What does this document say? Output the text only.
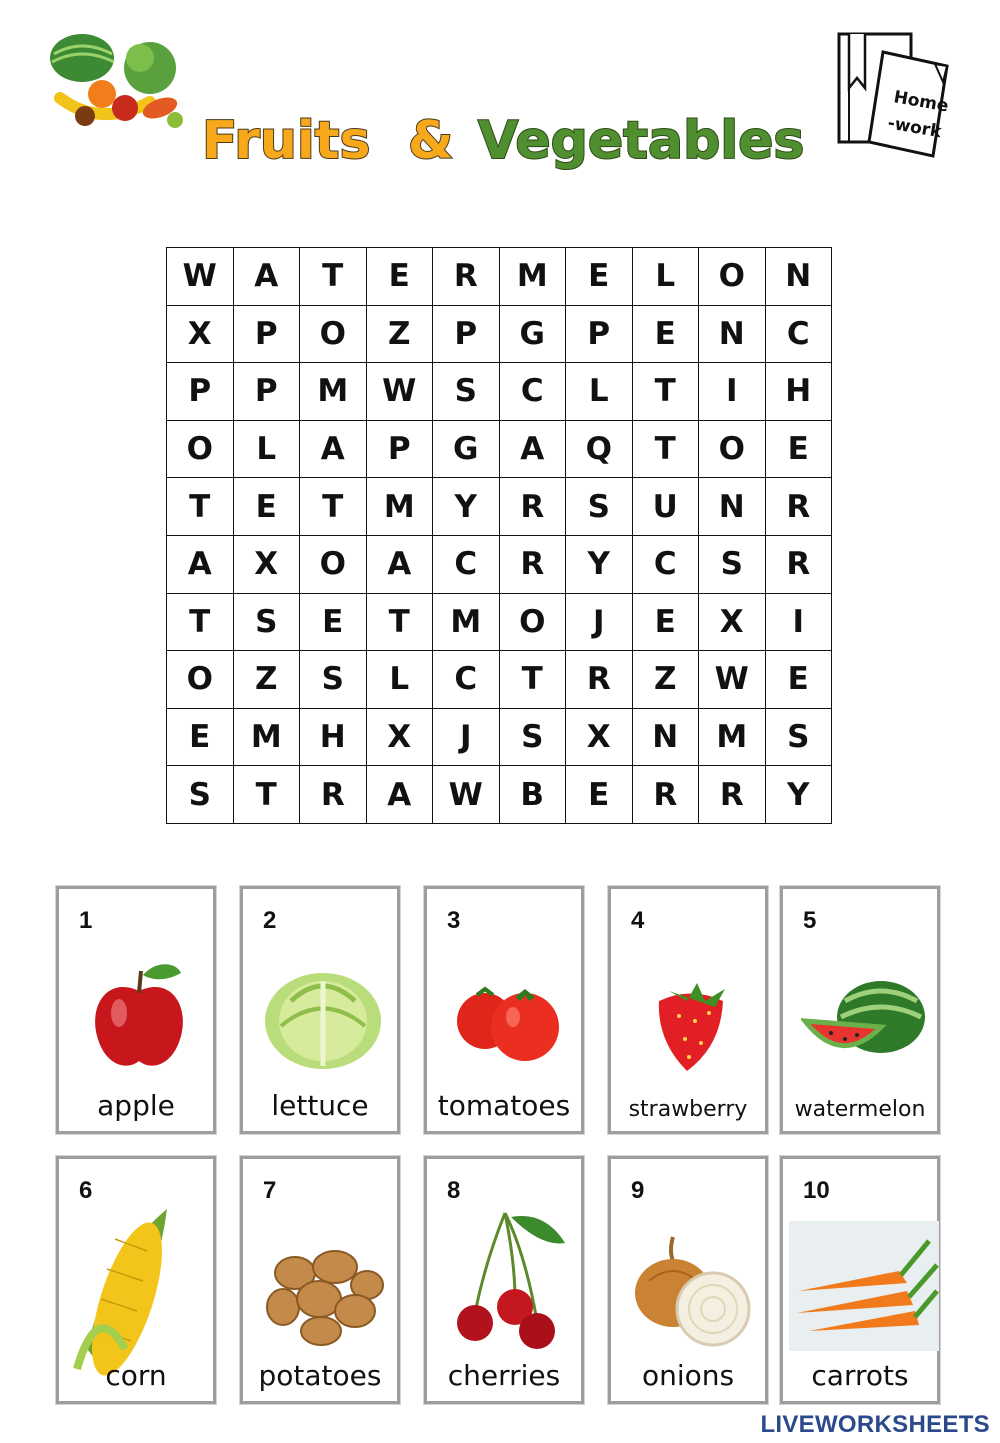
Fruits & Vegetables
Home
-work
W	A	T	E	R	M	E	L	O	N
X	P	O	Z	P	G	P	E	N	C
P	P	M	W	S	C	L	T	I	H
O	L	A	P	G	A	Q	T	O	E
T	E	T	M	Y	R	S	U	N	R
A	X	O	A	C	R	Y	C	S	R
T	S	E	T	M	O	J	E	X	I
O	Z	S	L	C	T	R	Z	W	E
E	M	H	X	J	S	X	N	M	S
S	T	R	A	W	B	E	R	R	Y
1
apple
2
lettuce
3
tomatoes
4
strawberry
5
watermelon
6
corn
7
potatoes
8
cherries
9
onions
10
carrots
LIVEWORKSHEETS
